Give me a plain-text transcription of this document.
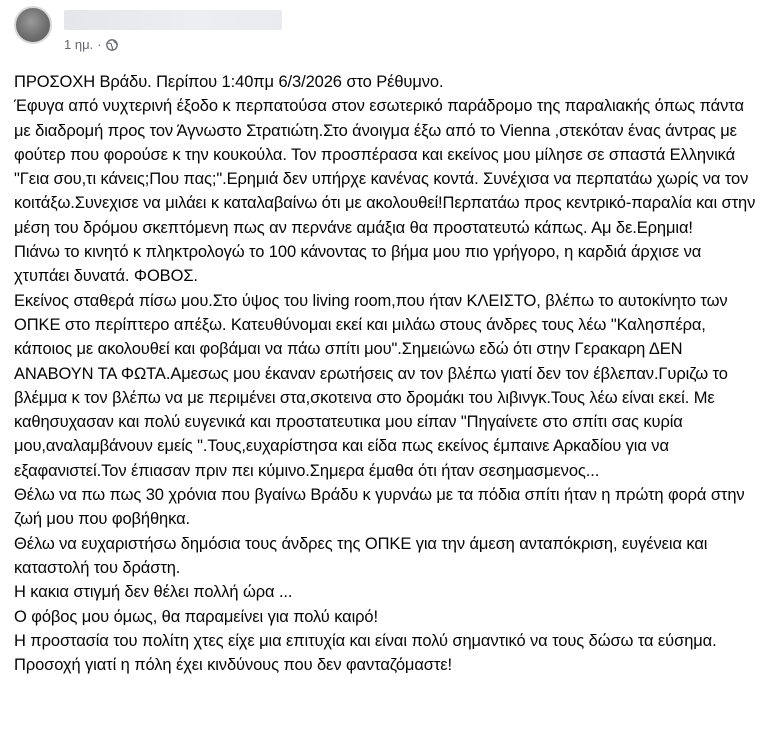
1 ημ. ·

ΠΡΟΣΟΧΗ Βράδυ. Περίπου 1:40πμ 6/3/2026 στο Ρέθυμνο.

Έφυγα από νυχτερινή έξοδο κ περπατούσα στον εσωτερικό παράδρομο της παραλιακής όπως πάντα με διαδρομή προς τον Άγνωστο Στρατιώτη.Στο άνοιγμα έξω από το Vienna ,στεκόταν ένας άντρας με φούτερ που φορούσε κ την κουκούλα. Τον προσπέρασα και εκείνος μου μίλησε σε σπαστά Ελληνικά "Γεια σου,τι κάνεις;Που πας;".Ερημιά δεν υπήρχε κανένας κοντά. Συνέχισα να περπατάω χωρίς να τον κοιτάξω.Συνεχισε να μιλάει κ καταλαβαίνω ότι με ακολουθεί!Περπατάω προς κεντρικό-παραλία και στην μέση του δρόμου σκεπτόμενη πως αν περνάνε αμάξια θα προστατευτώ κάπως. Αμ δε.Ερημια!

Πιάνω το κινητό κ πληκτρολογώ το 100 κάνοντας το βήμα μου πιο γρήγορο, η καρδιά άρχισε να χτυπάει δυνατά. ΦΟΒΟΣ.

Εκείνος σταθερά πίσω μου.Στο ύψος του living room,που ήταν ΚΛΕΙΣΤΟ, βλέπω το αυτοκίνητο των ΟΠΚΕ στο περίπτερο απέξω. Κατευθύνομαι εκεί και μιλάω στους άνδρες τους λέω "Καλησπέρα, κάποιος με ακολουθεί και φοβάμαι να πάω σπίτι μου".Σημειώνω εδώ ότι στην Γερακαρη ΔΕΝ ΑΝΑΒΟΥΝ ΤΑ ΦΩΤΑ.Αμεσως μου έκαναν ερωτήσεις αν τον βλέπω γιατί δεν τον έβλεπαν.Γυριζω το βλέμμα κ τον βλέπω να με περιμένει στα,σκοτεινα στο δρομάκι του λιβινγκ.Τους λέω είναι εκεί. Με καθησυχασαν και πολύ ευγενικά και προστατευτικα μου είπαν "Πηγαίνετε στο σπίτι σας κυρία μου,αναλαμβάνουν εμείς ".Τους,ευχαρίστησα και είδα πως εκείνος έμπαινε Αρκαδίου για να εξαφανιστεί.Τον έπιασαν πριν πει κύμινο.Σημερα έμαθα ότι ήταν σεσημασμενος...

Θέλω να πω πως 30 χρόνια που βγαίνω Βράδυ κ γυρνάω με τα πόδια σπίτι ήταν η πρώτη φορά στην ζωή μου που φοβήθηκα.

Θέλω να ευχαριστήσω δημόσια τους άνδρες της ΟΠΚΕ για την άμεση ανταπόκριση, ευγένεια και καταστολή του δράστη.

Η κακια στιγμή δεν θέλει πολλή ώρα ...

Ο φόβος μου όμως, θα παραμείνει για πολύ καιρό!

Η προστασία του πολίτη χτες είχε μια επιτυχία και είναι πολύ σημαντικό να τους δώσω τα εύσημα.

Προσοχή γιατί η πόλη έχει κινδύνους που δεν φανταζόμαστε!
